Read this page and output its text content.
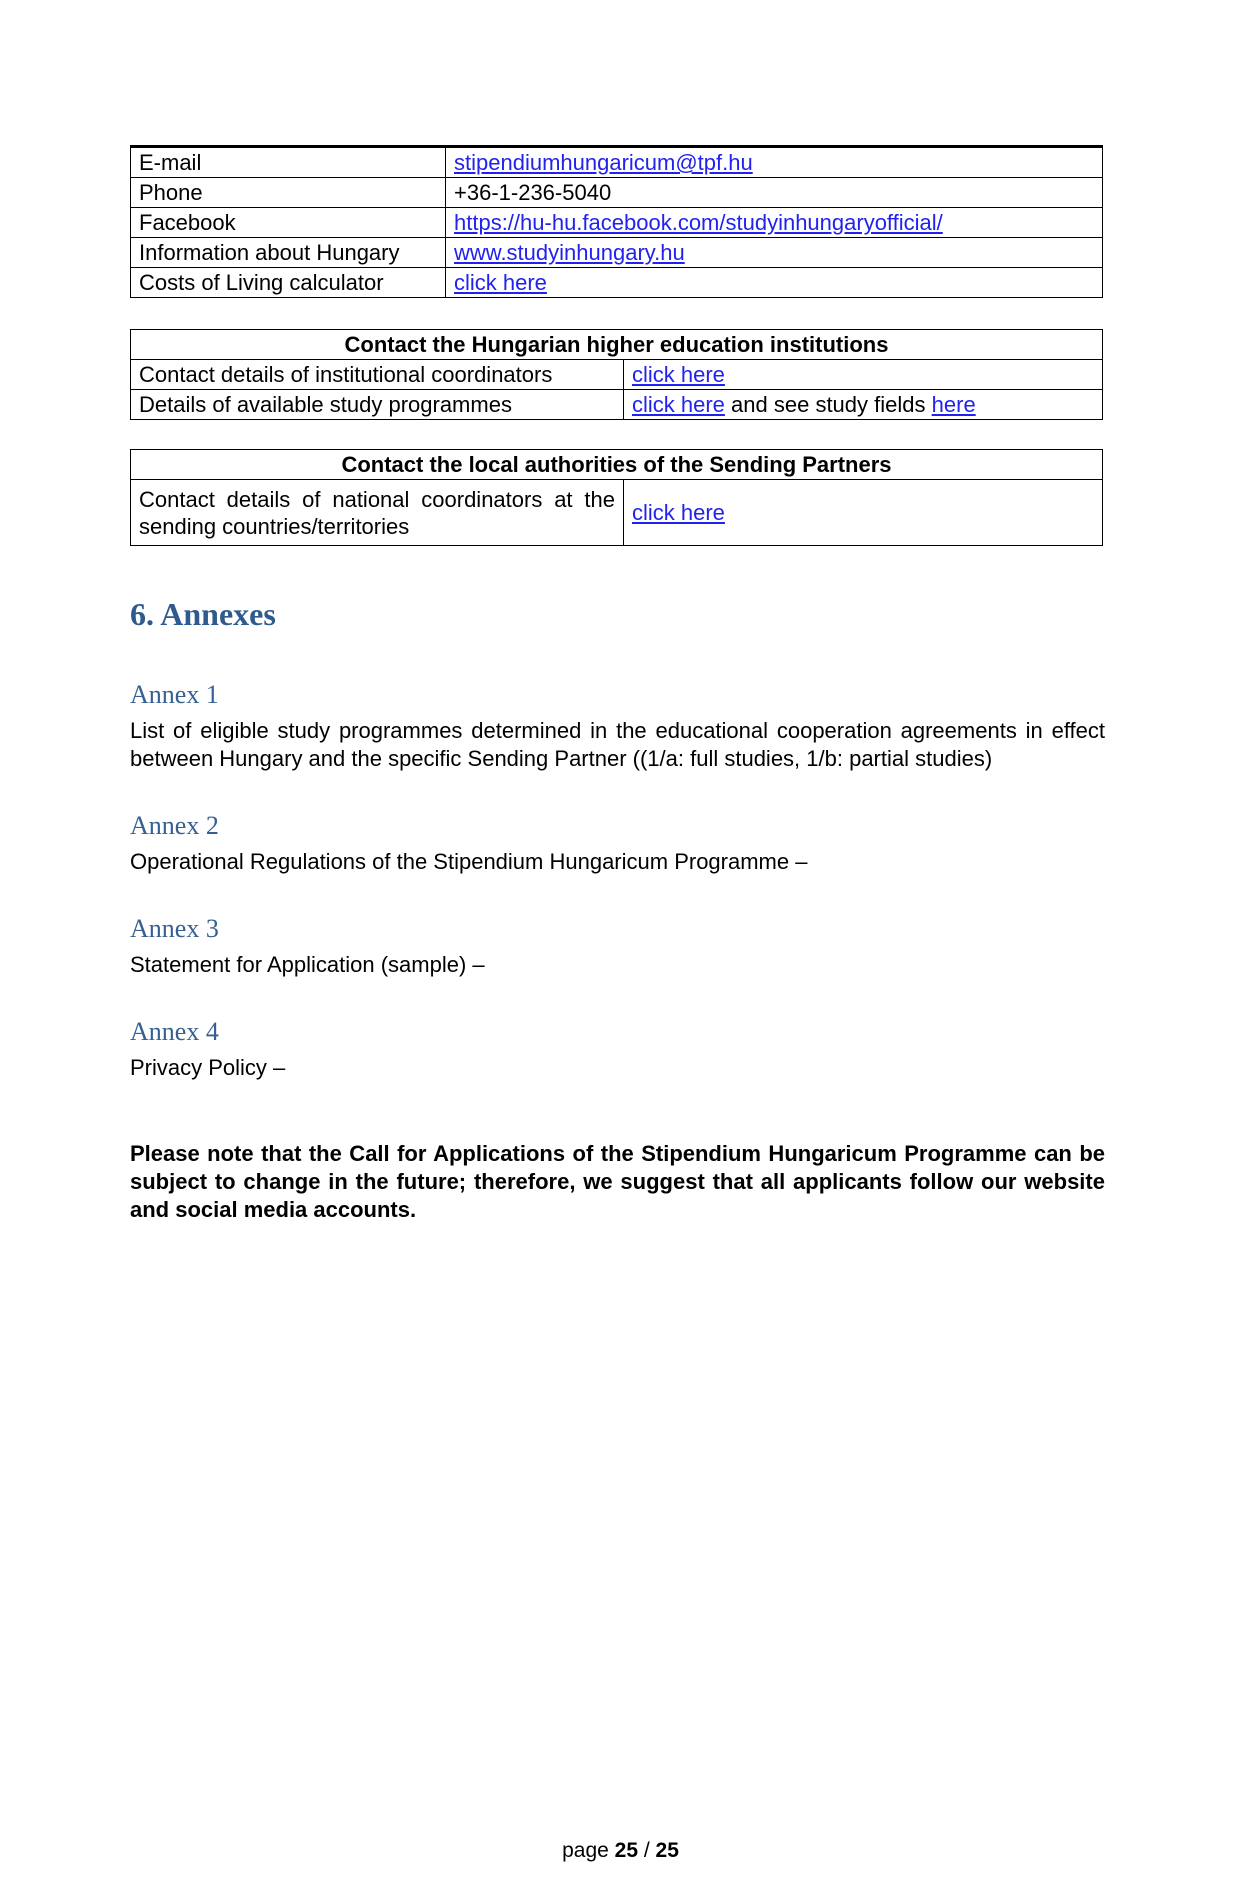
E-mail	stipendiumhungaricum@tpf.hu
Phone	+36-1-236-5040
Facebook	https://hu-hu.facebook.com/studyinhungaryofficial/
Information about Hungary	www.studyinhungary.hu
Costs of Living calculator	click here
Contact the Hungarian higher education institutions	
Contact details of institutional coordinators	click here
Details of available study programmes	click here and see study fields here
Contact the local authorities of the Sending Partners
Contact details of national coordinators at the sending countries/territories	click here
6. Annexes
Annex 1

List of eligible study programmes determined in the educational cooperation agreements in effect between Hungary and the specific Sending Partner ((1/a: full studies, 1/b: partial studies)

Annex 2

Operational Regulations of the Stipendium Hungaricum Programme –

Annex 3

Statement for Application (sample) –

Annex 4

Privacy Policy –

Please note that the Call for Applications of the Stipendium Hungaricum Programme can be subject to change in the future; therefore, we suggest that all applicants follow our website and social media accounts.

page 25 / 25
